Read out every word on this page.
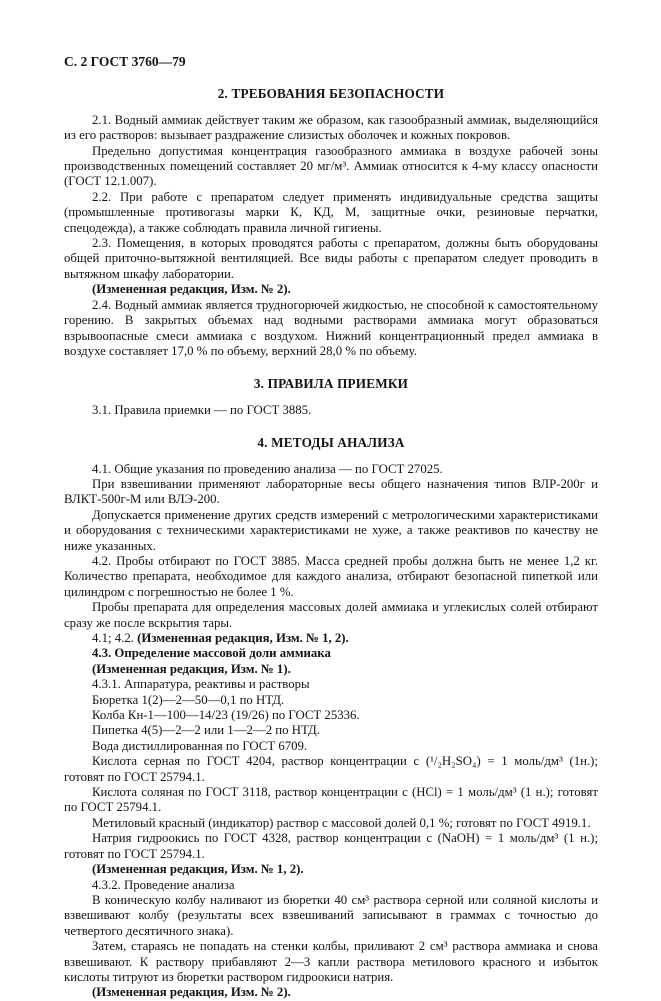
С. 2 ГОСТ 3760—79

2. ТРЕБОВАНИЯ БЕЗОПАСНОСТИ

2.1. Водный аммиак действует таким же образом, как газообразный аммиак, выделяющийся из его растворов: вызывает раздражение слизистых оболочек и кожных покровов.

Предельно допустимая концентрация газообразного аммиака в воздухе рабочей зоны производственных помещений составляет 20 мг/м³. Аммиак относится к 4-му классу опасности (ГОСТ 12.1.007).

2.2. При работе с препаратом следует применять индивидуальные средства защиты (промышленные противогазы марки К, КД, М, защитные очки, резиновые перчатки, спецодежда), а также соблюдать правила личной гигиены.

2.3. Помещения, в которых проводятся работы с препаратом, должны быть оборудованы общей приточно-вытяжной вентиляцией. Все виды работы с препаратом следует проводить в вытяжном шкафу лаборатории.

(Измененная редакция, Изм. № 2).

2.4. Водный аммиак является трудногорючей жидкостью, не способной к самостоятельному горению. В закрытых объемах над водными растворами аммиака могут образоваться взрывоопасные смеси аммиака с воздухом. Нижний концентрационный предел аммиака в воздухе составляет 17,0 % по объему, верхний 28,0 % по объему.

3. ПРАВИЛА ПРИЕМКИ

3.1. Правила приемки — по ГОСТ 3885.

4. МЕТОДЫ АНАЛИЗА

4.1. Общие указания по проведению анализа — по ГОСТ 27025.

При взвешивании применяют лабораторные весы общего назначения типов ВЛР-200г и ВЛКТ-500г-М или ВЛЭ-200.

Допускается применение других средств измерений с метрологическими характеристиками и оборудования с техническими характеристиками не хуже, а также реактивов по качеству не ниже указанных.

4.2. Пробы отбирают по ГОСТ 3885. Масса средней пробы должна быть не менее 1,2 кг. Количество препарата, необходимое для каждого анализа, отбирают безопасной пипеткой или цилиндром с погрешностью не более 1 %.

Пробы препарата для определения массовых долей аммиака и углекислых солей отбирают сразу же после вскрытия тары.

4.1; 4.2. (Измененная редакция, Изм. № 1, 2).

4.3. Определение массовой доли аммиака

(Измененная редакция, Изм. № 1).

4.3.1. Аппаратура, реактивы и растворы

Бюретка 1(2)—2—50—0,1 по НТД.

Колба Кн-1—100—14/23 (19/26) по ГОСТ 25336.

Пипетка 4(5)—2—2 или 1—2—2 по НТД.

Вода дистиллированная по ГОСТ 6709.

Кислота серная по ГОСТ 4204, раствор концентрации с (¹/₂H₂SO₄) = 1 моль/дм³ (1н.); готовят по ГОСТ 25794.1.

Кислота соляная по ГОСТ 3118, раствор концентрации с (HCl) = 1 моль/дм³ (1 н.); готовят по ГОСТ 25794.1.

Метиловый красный (индикатор) раствор с массовой долей 0,1 %; готовят по ГОСТ 4919.1.

Натрия гидроокись по ГОСТ 4328, раствор концентрации с (NaOH) = 1 моль/дм³ (1 н.); готовят по ГОСТ 25794.1.

(Измененная редакция, Изм. № 1, 2).

4.3.2. Проведение анализа

В коническую колбу наливают из бюретки 40 см³ раствора серной или соляной кислоты и взвешивают колбу (результаты всех взвешиваний записывают в граммах с точностью до четвертого десятичного знака).

Затем, стараясь не попадать на стенки колбы, приливают 2 см³ раствора аммиака и снова взвешивают. К раствору прибавляют 2—3 капли раствора метилового красного и избыток кислоты титруют из бюретки раствором гидроокиси натрия.

(Измененная редакция, Изм. № 2).
